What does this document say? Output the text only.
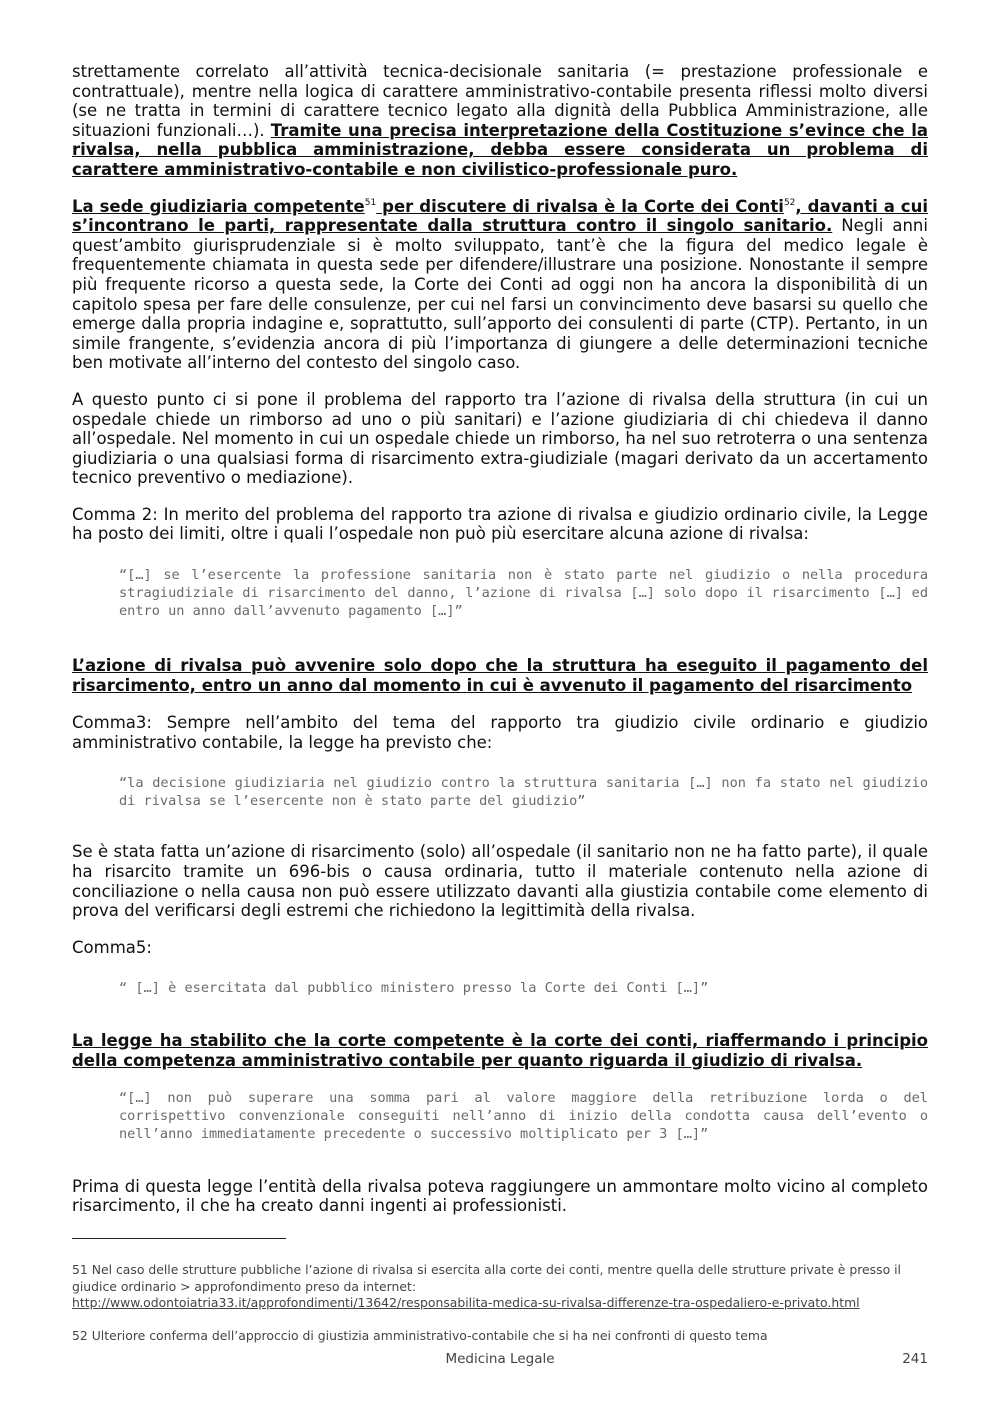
strettamente correlato all’attività tecnica-decisionale sanitaria (= prestazione professionale e contrattuale), mentre nella logica di carattere amministrativo-contabile presenta riflessi molto diversi (se ne tratta in termini di carattere tecnico legato alla dignità della Pubblica Amministrazione, alle situazioni funzionali…). Tramite una precisa interpretazione della Costituzione s’evince che la rivalsa, nella pubblica amministrazione, debba essere considerata un problema di carattere amministrativo-contabile e non civilistico-professionale puro.

La sede giudiziaria competente$^{51}$ per discutere di rivalsa è la Corte dei Conti$^{52}$, davanti a cui s’incontrano le parti, rappresentate dalla struttura contro il singolo sanitario. Negli anni quest’ambito giurisprudenziale si è molto sviluppato, tant’è che la figura del medico legale è frequentemente chiamata in questa sede per difendere/illustrare una posizione. Nonostante il sempre più frequente ricorso a questa sede, la Corte dei Conti ad oggi non ha ancora la disponibilità di un capitolo spesa per fare delle consulenze, per cui nel farsi un convincimento deve basarsi su quello che emerge dalla propria indagine e, soprattutto, sull’apporto dei consulenti di parte (CTP). Pertanto, in un simile frangente, s’evidenzia ancora di più l’importanza di giungere a delle determinazioni tecniche ben motivate all’interno del contesto del singolo caso.

A questo punto ci si pone il problema del rapporto tra l’azione di rivalsa della struttura (in cui un ospedale chiede un rimborso ad uno o più sanitari) e l’azione giudiziaria di chi chiedeva il danno all’ospedale. Nel momento in cui un ospedale chiede un rimborso, ha nel suo retroterra o una sentenza giudiziaria o una qualsiasi forma di risarcimento extra-giudiziale (magari derivato da un accertamento tecnico preventivo o mediazione).

Comma 2: In merito del problema del rapporto tra azione di rivalsa e giudizio ordinario civile, la Legge ha posto dei limiti, oltre i quali l’ospedale non può più esercitare alcuna azione di rivalsa:

“[…] se l’esercente la professione sanitaria non è stato parte nel giudizio o nella procedura stragiudiziale di risarcimento del danno, l’azione di rivalsa […] solo dopo il risarcimento […] ed entro un anno dall’avvenuto pagamento […]”

L’azione di rivalsa può avvenire solo dopo che la struttura ha eseguito il pagamento del risarcimento, entro un anno dal momento in cui è avvenuto il pagamento del risarcimento

Comma3: Sempre nell’ambito del tema del rapporto tra giudizio civile ordinario e giudizio amministrativo contabile, la legge ha previsto che:

“la decisione giudiziaria nel giudizio contro la struttura sanitaria […] non fa stato nel giudizio di rivalsa se l’esercente non è stato parte del giudizio”

Se è stata fatta un’azione di risarcimento (solo) all’ospedale (il sanitario non ne ha fatto parte), il quale ha risarcito tramite un 696-bis o causa ordinaria, tutto il materiale contenuto nella azione di conciliazione o nella causa non può essere utilizzato davanti alla giustizia contabile come elemento di prova del verificarsi degli estremi che richiedono la legittimità della rivalsa.

Comma5:

“ […] è esercitata dal pubblico ministero presso la Corte dei Conti […]”

La legge ha stabilito che la corte competente è la corte dei conti, riaffermando i principio della competenza amministrativo contabile per quanto riguarda il giudizio di rivalsa.

“[…] non può superare una somma pari al valore maggiore della retribuzione lorda o del corrispettivo convenzionale conseguiti nell’anno di inizio della condotta causa dell’evento o nell’anno immediatamente precedente o successivo moltiplicato per 3 […]”

Prima di questa legge l’entità della rivalsa poteva raggiungere un ammontare molto vicino al completo risarcimento, il che ha creato danni ingenti ai professionisti.

51 Nel caso delle strutture pubbliche l’azione di rivalsa si esercita alla corte dei conti, mentre quella delle strutture private è presso il giudice ordinario > approfondimento preso da internet:
http://www.odontoiatria33.it/approfondimenti/13642/responsabilita-medica-su-rivalsa-differenze-tra-ospedaliero-e-privato.html
52 Ulteriore conferma dell’approccio di giustizia amministrativo-contabile che si ha nei confronti di questo tema
Medicina Legale	241
